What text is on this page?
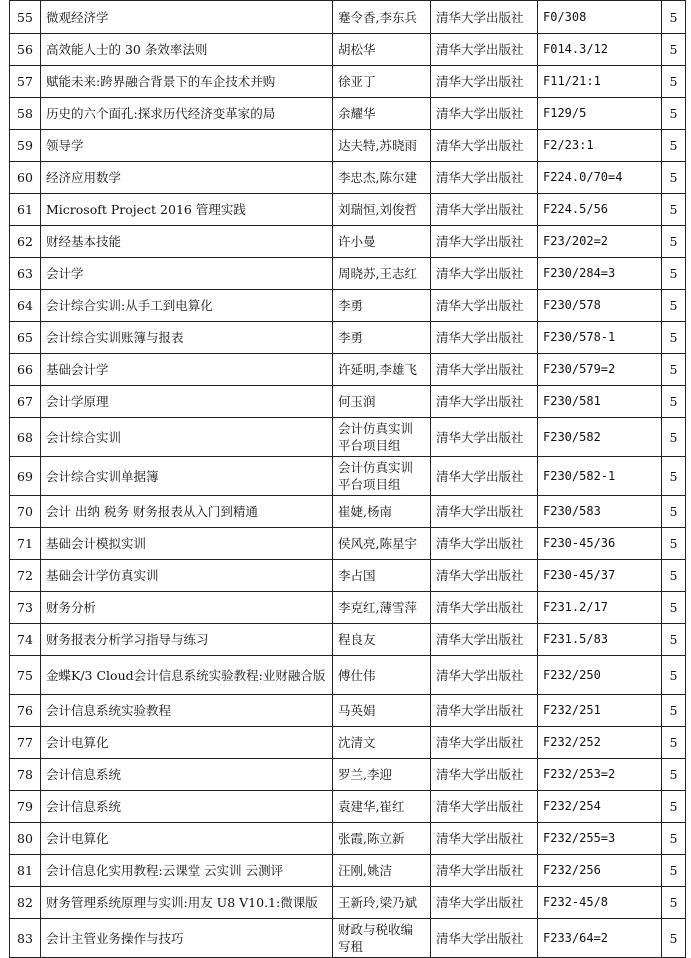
55	微观经济学	蹇令香,李东兵	清华大学出版社	F0/308	5
56	高效能人士的 30 条效率法则	胡松华	清华大学出版社	F014.3/12	5
57	赋能未来:跨界融合背景下的车企技术并购	徐亚丁	清华大学出版社	F11/21:1	5
58	历史的六个面孔:探求历代经济变革家的局	余耀华	清华大学出版社	F129/5	5
59	领导学	达夫特,苏晓雨	清华大学出版社	F2/23:1	5
60	经济应用数学	李忠杰,陈尔建	清华大学出版社	F224.0/70=4	5
61	Microsoft Project 2016 管理实践	刘瑞恒,刘俊哲	清华大学出版社	F224.5/56	5
62	财经基本技能	许小曼	清华大学出版社	F23/202=2	5
63	会计学	周晓苏,王志红	清华大学出版社	F230/284=3	5
64	会计综合实训:从手工到电算化	李勇	清华大学出版社	F230/578	5
65	会计综合实训账簿与报表	李勇	清华大学出版社	F230/578-1	5
66	基础会计学	许延明,李雄飞	清华大学出版社	F230/579=2	5
67	会计学原理	何玉润	清华大学出版社	F230/581	5
68	会计综合实训	会计仿真实训平台项目组	清华大学出版社	F230/582	5
69	会计综合实训单据簿	会计仿真实训平台项目组	清华大学出版社	F230/582-1	5
70	会计 出纳 税务 财务报表从入门到精通	崔婕,杨南	清华大学出版社	F230/583	5
71	基础会计模拟实训	侯风亮,陈星宇	清华大学出版社	F230-45/36	5
72	基础会计学仿真实训	李占国	清华大学出版社	F230-45/37	5
73	财务分析	李克红,薄雪萍	清华大学出版社	F231.2/17	5
74	财务报表分析学习指导与练习	程良友	清华大学出版社	F231.5/83	5
75	金蝶K/3 Cloud会计信息系统实验教程:业财融合版	傅仕伟	清华大学出版社	F232/250	5
76	会计信息系统实验教程	马英娟	清华大学出版社	F232/251	5
77	会计电算化	沈清文	清华大学出版社	F232/252	5
78	会计信息系统	罗兰,李迎	清华大学出版社	F232/253=2	5
79	会计信息系统	袁建华,崔红	清华大学出版社	F232/254	5
80	会计电算化	张霞,陈立新	清华大学出版社	F232/255=3	5
81	会计信息化实用教程:云课堂 云实训 云测评	汪刚,姚洁	清华大学出版社	F232/256	5
82	财务管理系统原理与实训:用友 U8 V10.1:微课版	王新玲,梁乃斌	清华大学出版社	F232-45/8	5
83	会计主管业务操作与技巧	财政与税收编写租	清华大学出版社	F233/64=2	5
